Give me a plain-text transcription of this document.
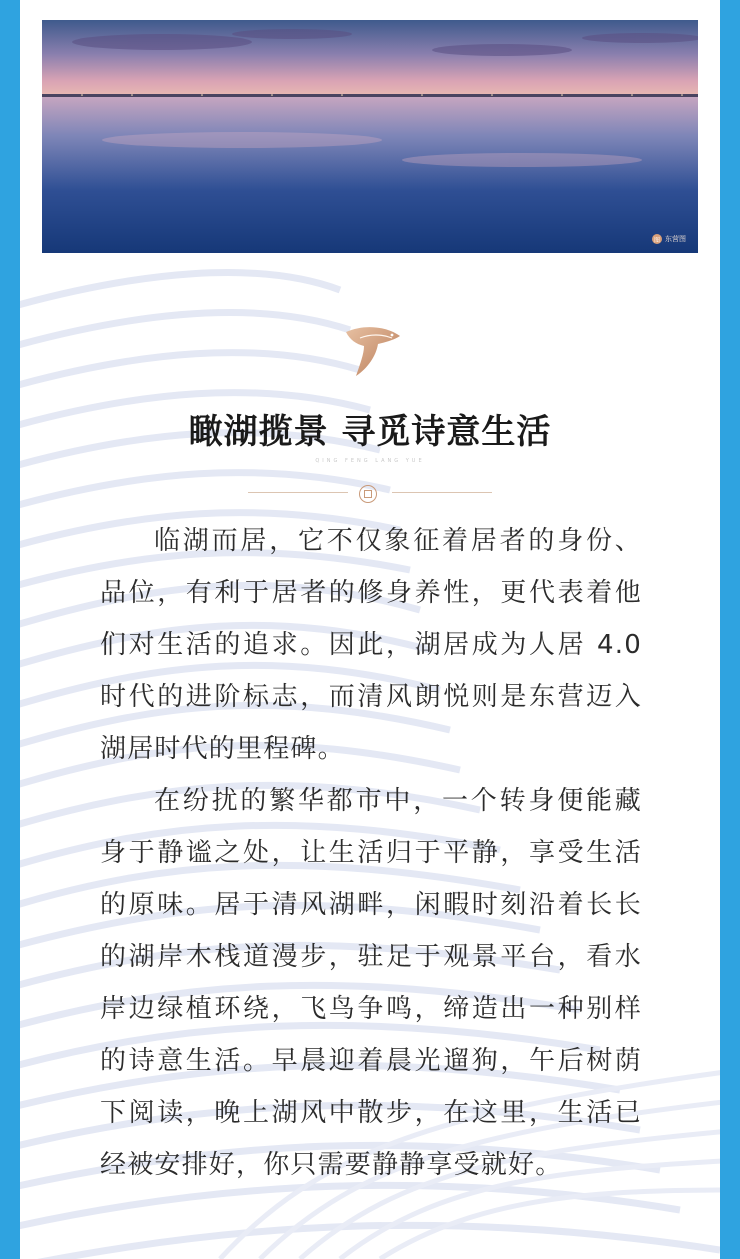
图 东营图
瞰湖揽景 寻觅诗意生活
QING FENG LANG YUE

临湖而居，它不仅象征着居者的身份、品位，有利于居者的修身养性，更代表着他们对生活的追求。因此，湖居成为人居 4.0 时代的进阶标志，而清风朗悦则是东营迈入湖居时代的里程碑。

在纷扰的繁华都市中，一个转身便能藏身于静谧之处，让生活归于平静，享受生活的原味。居于清风湖畔，闲暇时刻沿着长长的湖岸木栈道漫步，驻足于观景平台，看水岸边绿植环绕，飞鸟争鸣，缔造出一种别样的诗意生活。早晨迎着晨光遛狗，午后树荫下阅读，晚上湖风中散步，在这里，生活已经被安排好，你只需要静静享受就好。
